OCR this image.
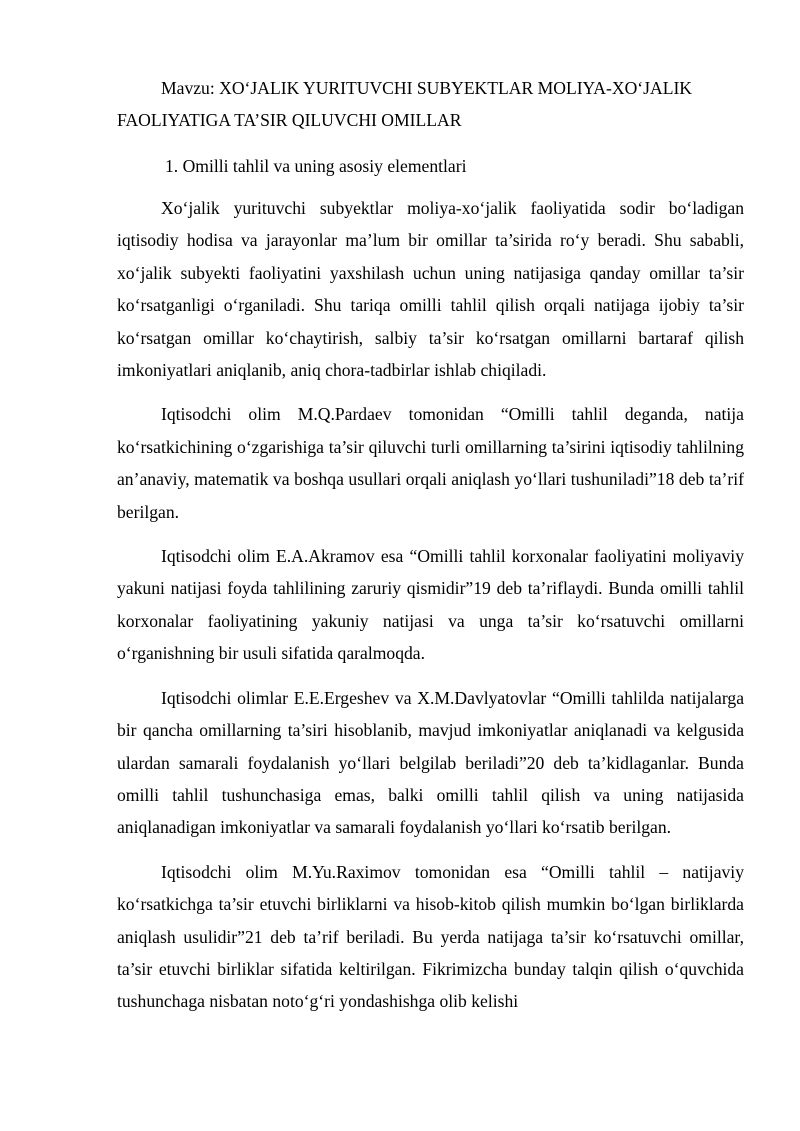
Mavzu: XO‘JALIK YURITUVCHI SUBYEKTLAR MOLIYA-XO‘JALIK FAOLIYATIGA TA’SIR QILUVCHI OMILLAR

1. Omilli tahlil va uning asosiy elementlari

Xo‘jalik yurituvchi subyektlar moliya-xo‘jalik faoliyatida sodir bo‘ladigan iqtisodiy hodisa va jarayonlar ma’lum bir omillar ta’sirida ro‘y beradi. Shu sababli, xo‘jalik subyekti faoliyatini yaxshilash uchun uning natijasiga qanday omillar ta’sir ko‘rsatganligi o‘rganiladi. Shu tariqa omilli tahlil qilish orqali natijaga ijobiy ta’sir ko‘rsatgan omillar ko‘chaytirish, salbiy ta’sir ko‘rsatgan omillarni bartaraf qilish imkoniyatlari aniqlanib, aniq chora-tadbirlar ishlab chiqiladi.

Iqtisodchi olim M.Q.Pardaev tomonidan “Omilli tahlil deganda, natija ko‘rsatkichining o‘zgarishiga ta’sir qiluvchi turli omillarning ta’sirini iqtisodiy tahlilning an’anaviy, matematik va boshqa usullari orqali aniqlash yo‘llari tushuniladi”18 deb ta’rif berilgan.

Iqtisodchi olim E.A.Akramov esa “Omilli tahlil korxonalar faoliyatini moliyaviy yakuni natijasi foyda tahlilining zaruriy qismidir”19 deb ta’riflaydi. Bunda omilli tahlil korxonalar faoliyatining yakuniy natijasi va unga ta’sir ko‘rsatuvchi omillarni o‘rganishning bir usuli sifatida qaralmoqda.

Iqtisodchi olimlar E.E.Ergeshev va X.M.Davlyatovlar “Omilli tahlilda natijalarga bir qancha omillarning ta’siri hisoblanib, mavjud imkoniyatlar aniqlanadi va kelgusida ulardan samarali foydalanish yo‘llari belgilab beriladi”20 deb ta’kidlaganlar. Bunda omilli tahlil tushunchasiga emas, balki omilli tahlil qilish va uning natijasida aniqlanadigan imkoniyatlar va samarali foydalanish yo‘llari ko‘rsatib berilgan.

Iqtisodchi olim M.Yu.Raximov tomonidan esa “Omilli tahlil – natijaviy ko‘rsatkichga ta’sir etuvchi birliklarni va hisob-kitob qilish mumkin bo‘lgan birliklarda aniqlash usulidir”21 deb ta’rif beriladi. Bu yerda natijaga ta’sir ko‘rsatuvchi omillar, ta’sir etuvchi birliklar sifatida keltirilgan. Fikrimizcha bunday talqin qilish o‘quvchida tushunchaga nisbatan noto‘g‘ri yondashishga olib kelishi
